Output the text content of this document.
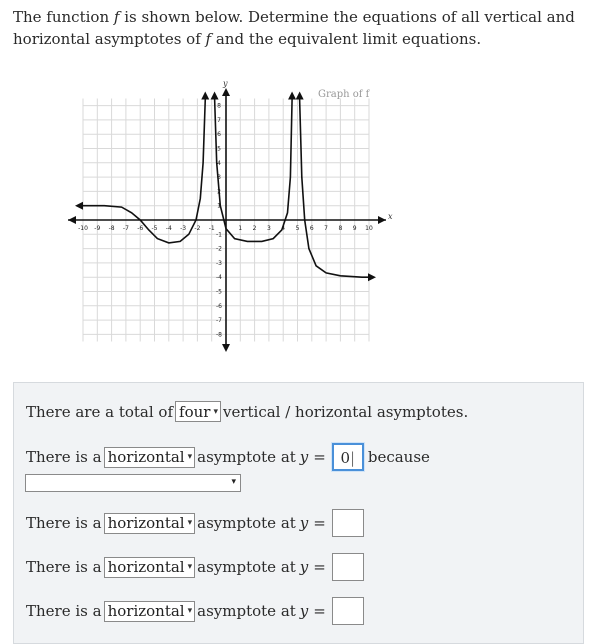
The function f is shown below. Determine the equations of all vertical and horizontal asymptotes of f and the equivalent limit equations.
x
y
Graph of f
-10 -9 -8 -7 -6 -5 -4 -3 -2 -1	1 2 3 4 5 6 7 8 9 10
8
7
6
5
4
3
2
1
-1
-2
-3
-4
-5
-6
-7
-8
There are a total of four ▾ vertical / horizontal asymptotes.
There is a horizontal ▾ asymptote at y = 0| because
▾
There is a horizontal ▾ asymptote at y =
There is a horizontal ▾ asymptote at y =
There is a horizontal ▾ asymptote at y =
